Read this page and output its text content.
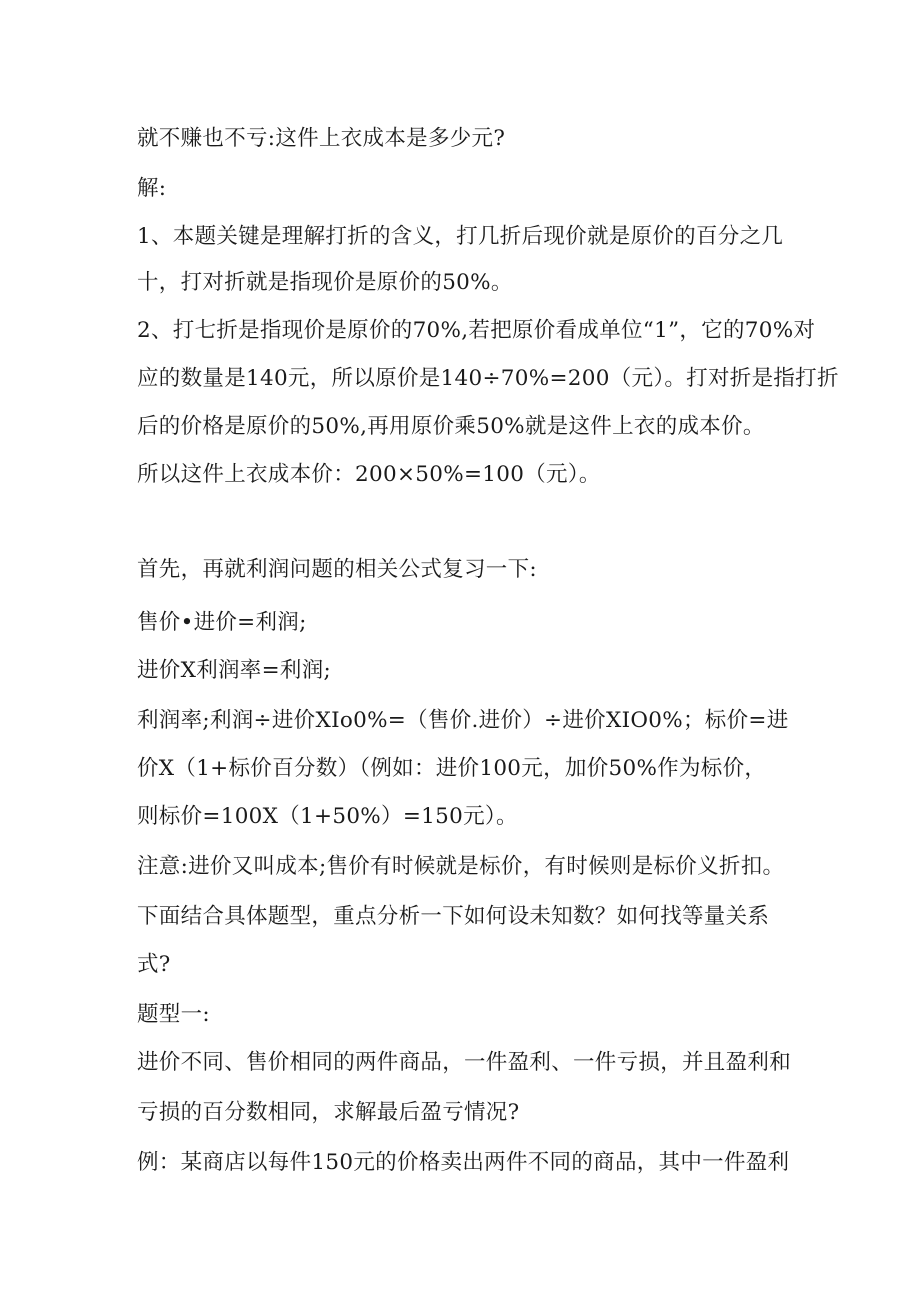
就不赚也不亏:这件上衣成本是多少元?
解:
1、本题关键是理解打折的含义，打几折后现价就是原价的百分之几
十，打对折就是指现价是原价的50%。
2、打七折是指现价是原价的70%,若把原价看成单位“1”，它的70%对
应的数量是140元，所以原价是140÷70%=200（元）。打对折是指打折
后的价格是原价的50%,再用原价乘50%就是这件上衣的成本价。
所以这件上衣成本价：200×50%=100（元）。
首先，再就利润问题的相关公式复习一下:
售价•进价=利润;
进价X利润率=利润;
利润率;利润÷进价XIo0%=（售价.进价）÷进价XIO0%；标价=进
价X（1+标价百分数）（例如：进价100元，加价50%作为标价，
则标价=100X（1+50%）=150元）。
注意:进价又叫成本;售价有时候就是标价，有时候则是标价义折扣。
下面结合具体题型，重点分析一下如何设未知数？如何找等量关系
式?
题型一:
进价不同、售价相同的两件商品，一件盈利、一件亏损，并且盈利和
亏损的百分数相同，求解最后盈亏情况?
例：某商店以每件150元的价格卖出两件不同的商品，其中一件盈利
